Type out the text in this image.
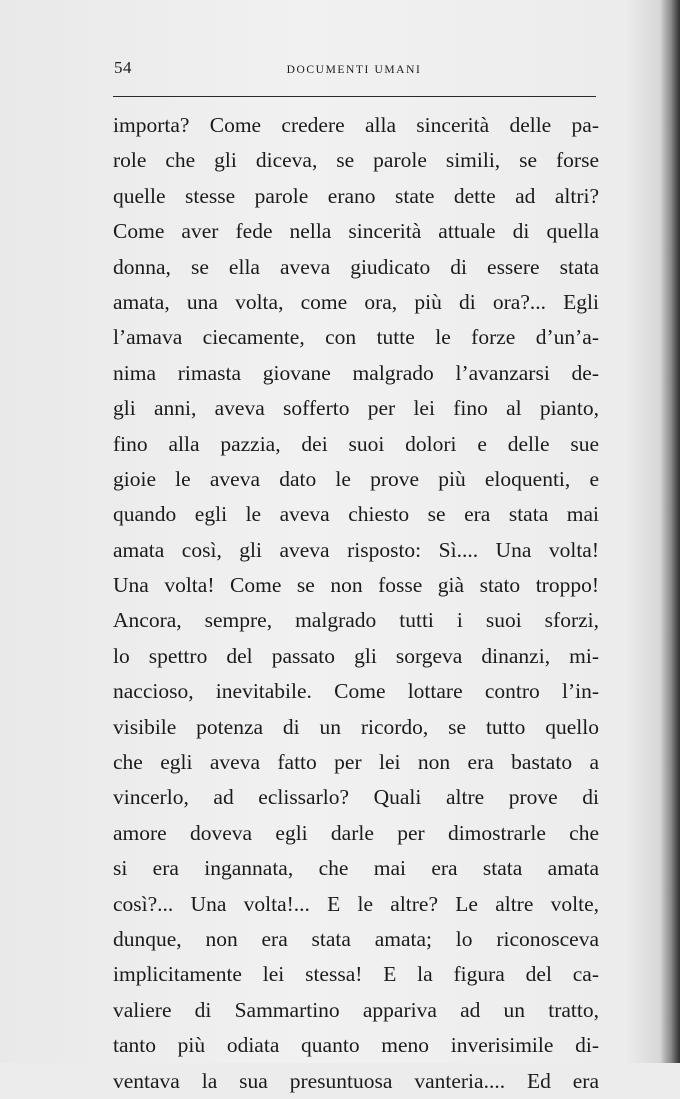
54	DOCUMENTI UMANI
importa? Come credere alla sincerità delle pa-
role che gli diceva, se parole simili, se forse
quelle stesse parole erano state dette ad altri?
Come aver fede nella sincerità attuale di quella
donna, se ella aveva giudicato di essere stata
amata, una volta, come ora, più di ora?... Egli
l’amava ciecamente, con tutte le forze d’un’a-
nima rimasta giovane malgrado l’avanzarsi de-
gli anni, aveva sofferto per lei fino al pianto,
fino alla pazzia, dei suoi dolori e delle sue
gioie le aveva dato le prove più eloquenti, e
quando egli le aveva chiesto se era stata mai
amata così, gli aveva risposto: Sì.... Una volta!
Una volta! Come se non fosse già stato troppo!
Ancora, sempre, malgrado tutti i suoi sforzi,
lo spettro del passato gli sorgeva dinanzi, mi-
naccioso, inevitabile. Come lottare contro l’in-
visibile potenza di un ricordo, se tutto quello
che egli aveva fatto per lei non era bastato a
vincerlo, ad eclissarlo? Quali altre prove di
amore doveva egli darle per dimostrarle che
si era ingannata, che mai era stata amata
così?... Una volta!... E le altre? Le altre volte,
dunque, non era stata amata; lo riconosceva
implicitamente lei stessa! E la figura del ca-
valiere di Sammartino appariva ad un tratto,
tanto più odiata quanto meno inverisimile di-
ventava la sua presuntuosa vanteria.... Ed era
